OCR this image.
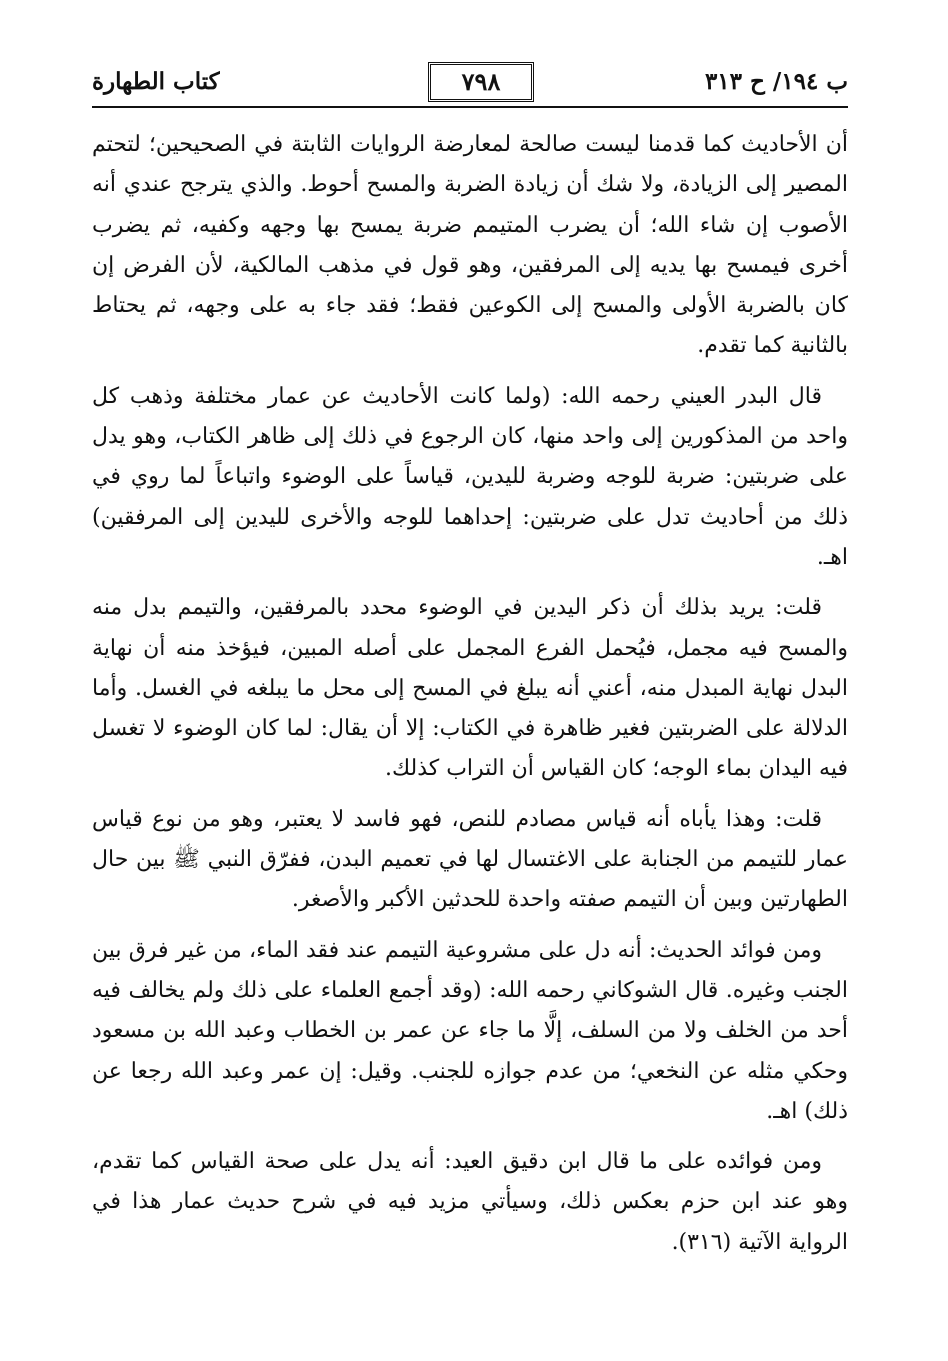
ب ١٩٤/ ح ٣١٣
٧٩٨
كتاب الطهارة

أن الأحاديث كما قدمنا ليست صالحة لمعارضة الروايات الثابتة في الصحيحين؛ لتحتم المصير إلى الزيادة، ولا شك أن زيادة الضربة والمسح أحوط. والذي يترجح عندي أنه الأصوب إن شاء الله؛ أن يضرب المتيمم ضربة يمسح بها وجهه وكفيه، ثم يضرب أخرى فيمسح بها يديه إلى المرفقين، وهو قول في مذهب المالكية، لأن الفرض إن كان بالضربة الأولى والمسح إلى الكوعين فقط؛ فقد جاء به على وجهه، ثم يحتاط بالثانية كما تقدم.

قال البدر العيني رحمه الله: (ولما كانت الأحاديث عن عمار مختلفة وذهب كل واحد من المذكورين إلى واحد منها، كان الرجوع في ذلك إلى ظاهر الكتاب، وهو يدل على ضربتين: ضربة للوجه وضربة لليدين، قياساً على الوضوء واتباعاً لما روي في ذلك من أحاديث تدل على ضربتين: إحداهما للوجه والأخرى لليدين إلى المرفقين) اهـ.

قلت: يريد بذلك أن ذكر اليدين في الوضوء محدد بالمرفقين، والتيمم بدل منه والمسح فيه مجمل، فيُحمل الفرع المجمل على أصله المبين، فيؤخذ منه أن نهاية البدل نهاية المبدل منه، أعني أنه يبلغ في المسح إلى محل ما يبلغه في الغسل. وأما الدلالة على الضربتين فغير ظاهرة في الكتاب: إلا أن يقال: لما كان الوضوء لا تغسل فيه اليدان بماء الوجه؛ كان القياس أن التراب كذلك.

قلت: وهذا يأباه أنه قياس مصادم للنص، فهو فاسد لا يعتبر، وهو من نوع قياس عمار للتيمم من الجنابة على الاغتسال لها في تعميم البدن، ففرّق النبي ﷺ بين حال الطهارتين وبين أن التيمم صفته واحدة للحدثين الأكبر والأصغر.

ومن فوائد الحديث: أنه دل على مشروعية التيمم عند فقد الماء، من غير فرق بين الجنب وغيره. قال الشوكاني رحمه الله: (وقد أجمع العلماء على ذلك ولم يخالف فيه أحد من الخلف ولا من السلف، إلَّا ما جاء عن عمر بن الخطاب وعبد الله بن مسعود وحكي مثله عن النخعي؛ من عدم جوازه للجنب. وقيل: إن عمر وعبد الله رجعا عن ذلك) اهـ.

ومن فوائده على ما قال ابن دقيق العيد: أنه يدل على صحة القياس كما تقدم، وهو عند ابن حزم بعكس ذلك، وسيأتي مزيد فيه في شرح حديث عمار هذا في الرواية الآتية (٣١٦).
